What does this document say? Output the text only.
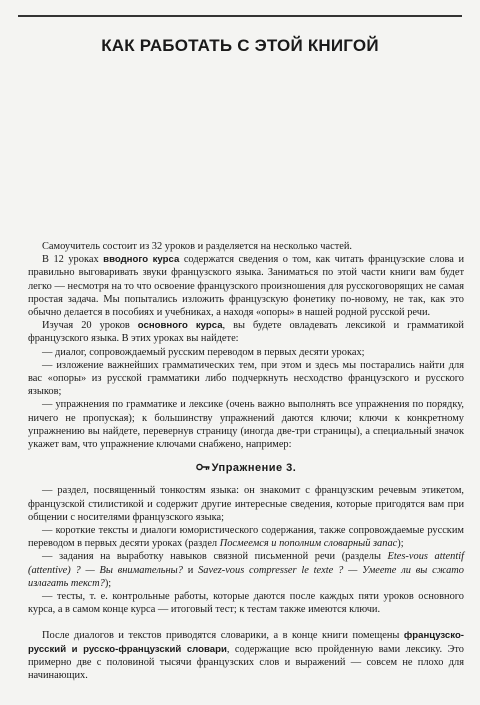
КАК РАБОТАТЬ С ЭТОЙ КНИГОЙ

Самоучитель состоит из 32 уроков и разделяется на несколько частей.

В 12 уроках вводного курса содержатся сведения о том, как читать французские слова и правильно выговаривать звуки французского языка. Заниматься по этой части книги вам будет легко — несмотря на то что освоение французского произношения для русскоговорящих не самая простая задача. Мы попытались изложить французскую фонетику по-новому, не так, как это обычно делается в пособиях и учебниках, а находя «опоры» в нашей родной русской речи.

Изучая 20 уроков основного курса, вы будете овладевать лексикой и грамматикой французского языка. В этих уроках вы найдете:

— диалог, сопровождаемый русским переводом в первых десяти уроках;

— изложение важнейших грамматических тем, при этом и здесь мы постарались найти для вас «опоры» из русской грамматики либо подчеркнуть несходство французского и русского языков;

— упражнения по грамматике и лексике (очень важно выполнять все упражнения по порядку, ничего не пропуская); к большинству упражнений даются ключи; ключи к конкретному упражнению вы найдете, перевернув страницу (иногда две-три страницы), а специальный значок укажет вам, что упражнение ключами снабжено, например:

Упражнение 3.

— раздел, посвященный тонкостям языка: он знакомит с французским речевым этикетом, французской стилистикой и содержит другие интересные сведения, которые пригодятся вам при общении с носителями французского языка;

— короткие тексты и диалоги юмористического содержания, также сопровождаемые русским переводом в первых десяти уроках (раздел Посмеемся и пополним словарный запас);

— задания на выработку навыков связной письменной речи (разделы Etes-vous attentif (attentive) ? — Вы внимательны? и Savez-vous compresser le texte ? — Умеете ли вы сжато излагать текст?);

— тесты, т. е. контрольные работы, которые даются после каждых пяти уроков основного курса, а в самом конце курса — итоговый тест; к тестам также имеются ключи.

После диалогов и текстов приводятся словарики, а в конце книги помещены французско-русский и русско-французский словари, содержащие всю пройденную вами лексику. Это примерно две с половиной тысячи французских слов и выражений — совсем не плохо для начинающих.
